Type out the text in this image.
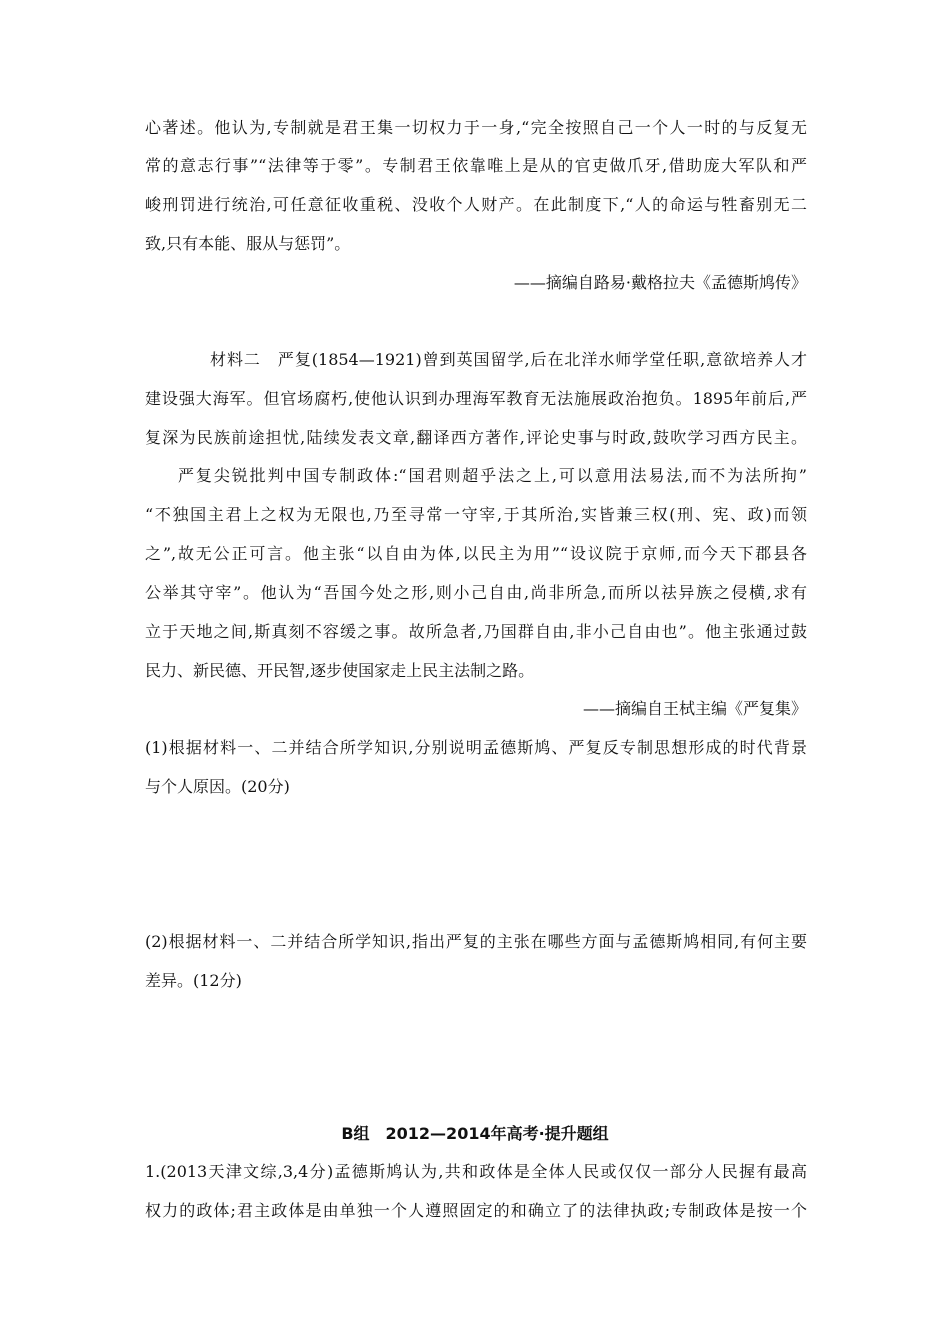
心著述。他认为,专制就是君王集一切权力于一身,“完全按照自己一个人一时的与反复无
常的意志行事”“法律等于零”。专制君王依靠唯上是从的官吏做爪牙,借助庞大军队和严
峻刑罚进行统治,可任意征收重税、没收个人财产。在此制度下,“人的命运与牲畜别无二
致,只有本能、服从与惩罚”。
——摘编自路易·戴格拉夫《孟德斯鸠传》
材料二　严复(1854—1921)曾到英国留学,后在北洋水师学堂任职,意欲培养人才
建设强大海军。但官场腐朽,使他认识到办理海军教育无法施展政治抱负。1895年前后,严
复深为民族前途担忧,陆续发表文章,翻译西方著作,评论史事与时政,鼓吹学习西方民主。
严复尖锐批判中国专制政体:“国君则超乎法之上,可以意用法易法,而不为法所拘”
“不独国主君上之权为无限也,乃至寻常一守宰,于其所治,实皆兼三权(刑、宪、政)而领
之”,故无公正可言。他主张“以自由为体,以民主为用”“设议院于京师,而今天下郡县各
公举其守宰”。他认为“吾国今处之形,则小己自由,尚非所急,而所以祛异族之侵横,求有
立于天地之间,斯真刻不容缓之事。故所急者,乃国群自由,非小己自由也”。他主张通过鼓
民力、新民德、开民智,逐步使国家走上民主法制之路。
——摘编自王栻主编《严复集》
(1)根据材料一、二并结合所学知识,分别说明孟德斯鸠、严复反专制思想形成的时代背景
与个人原因。(20分)
(2)根据材料一、二并结合所学知识,指出严复的主张在哪些方面与孟德斯鸠相同,有何主要
差异。(12分)
B组　2012—2014年高考·提升题组
1.(2013天津文综,3,4分)孟德斯鸠认为,共和政体是全体人民或仅仅一部分人民握有最高
权力的政体;君主政体是由单独一个人遵照固定的和确立了的法律执政;专制政体是按一个
